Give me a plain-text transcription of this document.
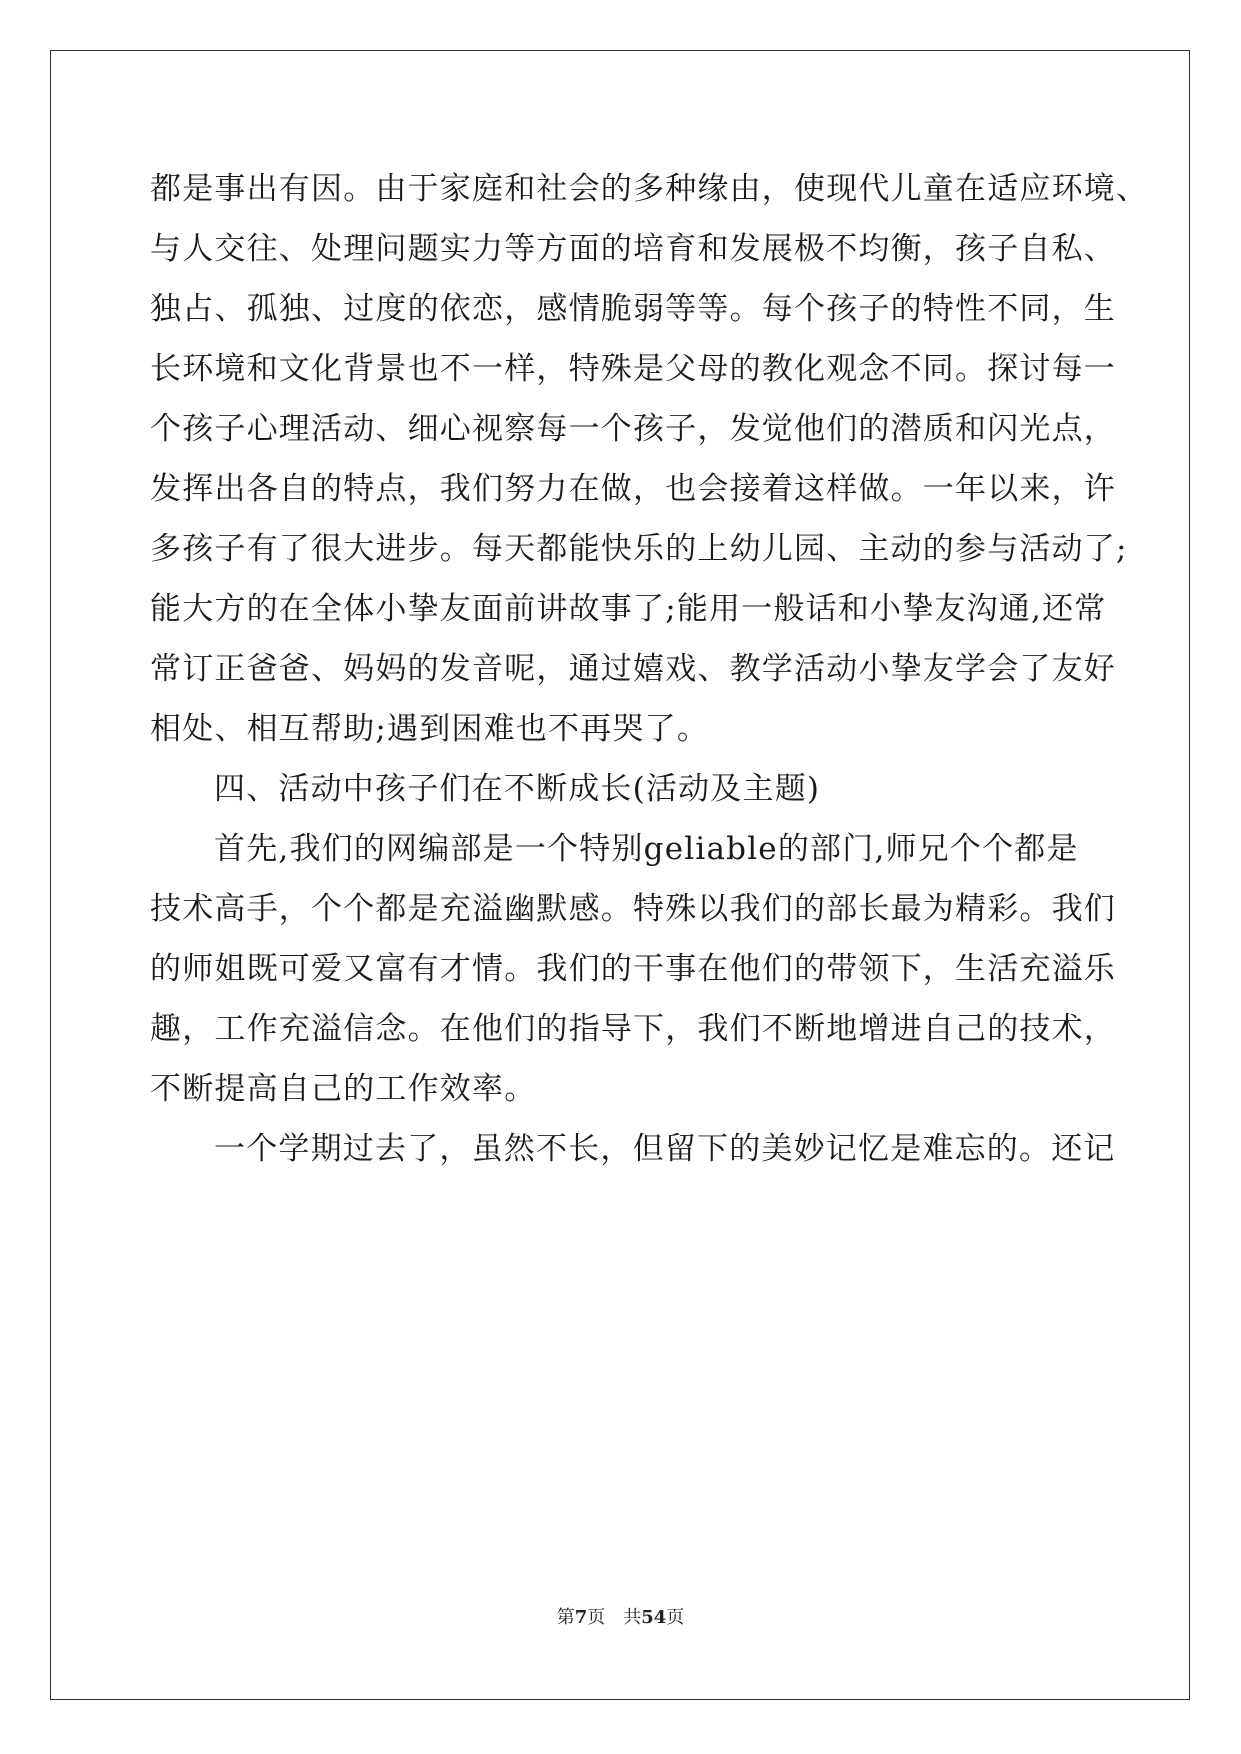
都是事出有因。由于家庭和社会的多种缘由，使现代儿童在适应环境、
与人交往、处理问题实力等方面的培育和发展极不均衡，孩子自私、
独占、孤独、过度的依恋，感情脆弱等等。每个孩子的特性不同，生
长环境和文化背景也不一样，特殊是父母的教化观念不同。探讨每一
个孩子心理活动、细心视察每一个孩子，发觉他们的潜质和闪光点，
发挥出各自的特点，我们努力在做，也会接着这样做。一年以来，许
多孩子有了很大进步。每天都能快乐的上幼儿园、主动的参与活动了;
能大方的在全体小挚友面前讲故事了;能用一般话和小挚友沟通,还常
常订正爸爸、妈妈的发音呢，通过嬉戏、教学活动小挚友学会了友好
相处、相互帮助;遇到困难也不再哭了。
四、活动中孩子们在不断成长(活动及主题)
首先,我们的网编部是一个特别geliable的部门,师兄个个都是
技术高手，个个都是充溢幽默感。特殊以我们的部长最为精彩。我们
的师姐既可爱又富有才情。我们的干事在他们的带领下，生活充溢乐
趣，工作充溢信念。在他们的指导下，我们不断地增进自己的技术，
不断提高自己的工作效率。
一个学期过去了，虽然不长，但留下的美妙记忆是难忘的。还记
第7页 共54页
